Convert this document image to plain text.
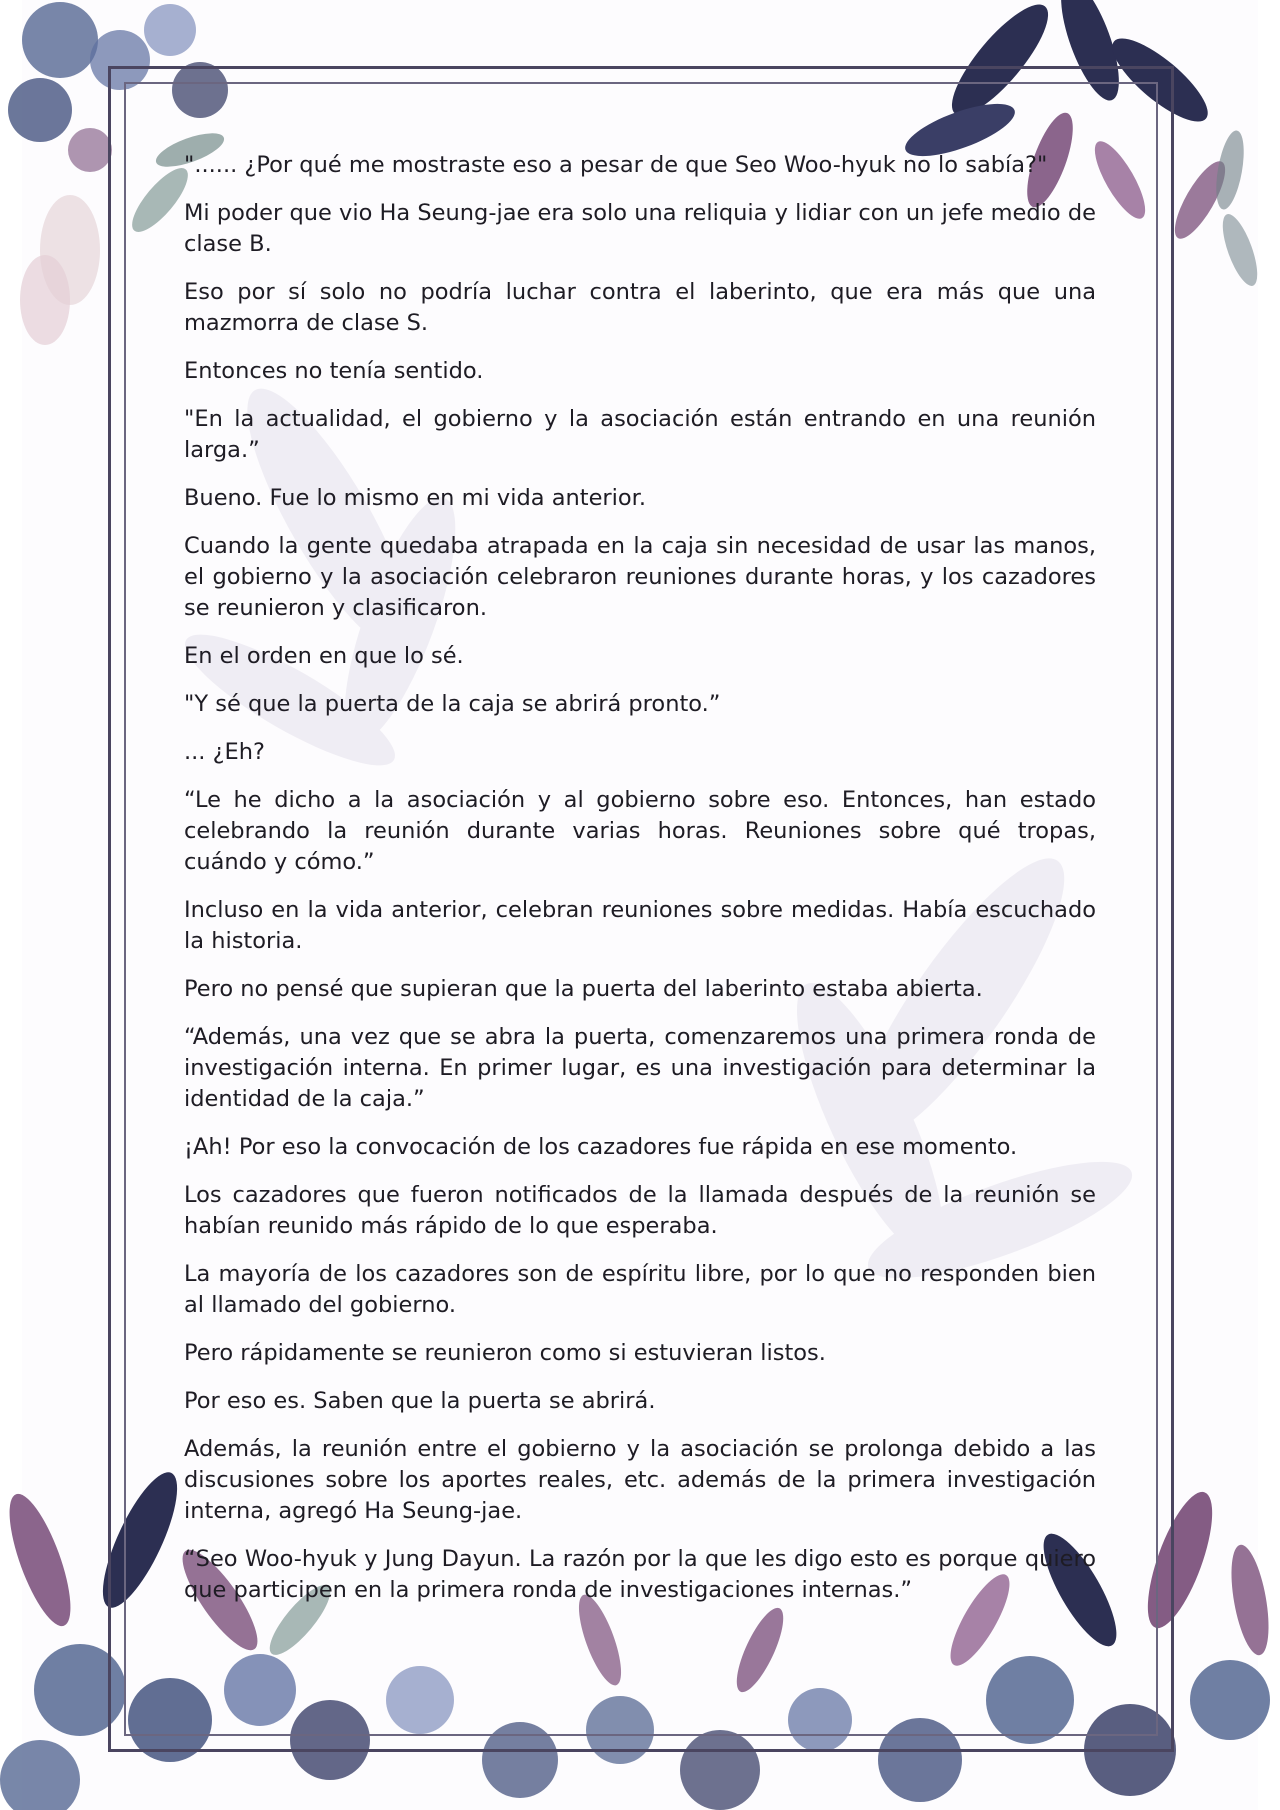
"...... ¿Por qué me mostraste eso a pesar de que Seo Woo-hyuk no lo sabía?"

Mi poder que vio Ha Seung-jae era solo una reliquia y lidiar con un jefe medio de clase B.

Eso por sí solo no podría luchar contra el laberinto, que era más que una mazmorra de clase S.

Entonces no tenía sentido.

"En la actualidad, el gobierno y la asociación están entrando en una reunión larga.”

Bueno. Fue lo mismo en mi vida anterior.

Cuando la gente quedaba atrapada en la caja sin necesidad de usar las manos, el gobierno y la asociación celebraron reuniones durante horas, y los cazadores se reunieron y clasificaron.

En el orden en que lo sé.

"Y sé que la puerta de la caja se abrirá pronto.”

... ¿Eh?

“Le he dicho a la asociación y al gobierno sobre eso. Entonces, han estado celebrando la reunión durante varias horas. Reuniones sobre qué tropas, cuándo y cómo.”

Incluso en la vida anterior, celebran reuniones sobre medidas. Había escuchado la historia.

Pero no pensé que supieran que la puerta del laberinto estaba abierta.

“Además, una vez que se abra la puerta, comenzaremos una primera ronda de investigación interna. En primer lugar, es una investigación para determinar la identidad de la caja.”

¡Ah! Por eso la convocación de los cazadores fue rápida en ese momento.

Los cazadores que fueron notificados de la llamada después de la reunión se habían reunido más rápido de lo que esperaba.

La mayoría de los cazadores son de espíritu libre, por lo que no responden bien al llamado del gobierno.

Pero rápidamente se reunieron como si estuvieran listos.

Por eso es. Saben que la puerta se abrirá.

Además, la reunión entre el gobierno y la asociación se prolonga debido a las discusiones sobre los aportes reales, etc. además de la primera investigación interna, agregó Ha Seung-jae.

“Seo Woo-hyuk y Jung Dayun. La razón por la que les digo esto es porque quiero que participen en la primera ronda de investigaciones internas.”
